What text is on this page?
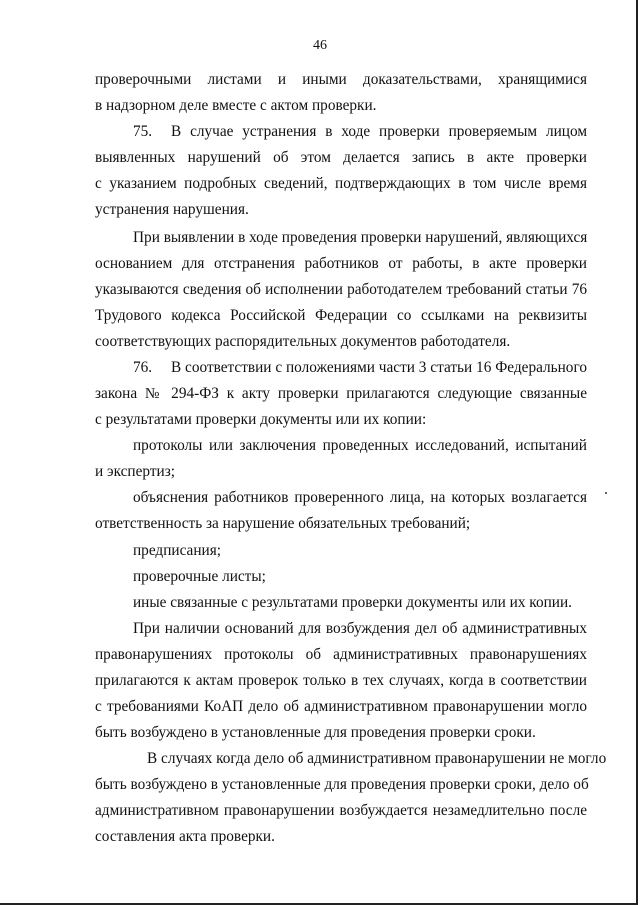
46
проверочными листами и иными доказательствами, хранящимися
в надзорном деле вместе с актом проверки.
75. В случае устранения в ходе проверки проверяемым лицом
выявленных нарушений об этом делается запись в акте проверки
с указанием подробных сведений, подтверждающих в том числе время
устранения нарушения.
При выявлении в ходе проведения проверки нарушений, являющихся
основанием для отстранения работников от работы, в акте проверки
указываются сведения об исполнении работодателем требований статьи 76
Трудового кодекса Российской Федерации со ссылками на реквизиты
соответствующих распорядительных документов работодателя.
76. В соответствии с положениями части 3 статьи 16 Федерального
закона № 294-ФЗ к акту проверки прилагаются следующие связанные
с результатами проверки документы или их копии:
протоколы или заключения проведенных исследований, испытаний
и экспертиз;
объяснения работников проверенного лица, на которых возлагается
ответственность за нарушение обязательных требований;
предписания;
проверочные листы;
иные связанные с результатами проверки документы или их копии.
При наличии оснований для возбуждения дел об административных
правонарушениях протоколы об административных правонарушениях
прилагаются к актам проверок только в тех случаях, когда в соответствии
с требованиями КоАП дело об административном правонарушении могло
быть возбуждено в установленные для проведения проверки сроки.
В случаях когда дело об административном правонарушении не могло
быть возбуждено в установленные для проведения проверки сроки, дело об
административном правонарушении возбуждается незамедлительно после
составления акта проверки.
